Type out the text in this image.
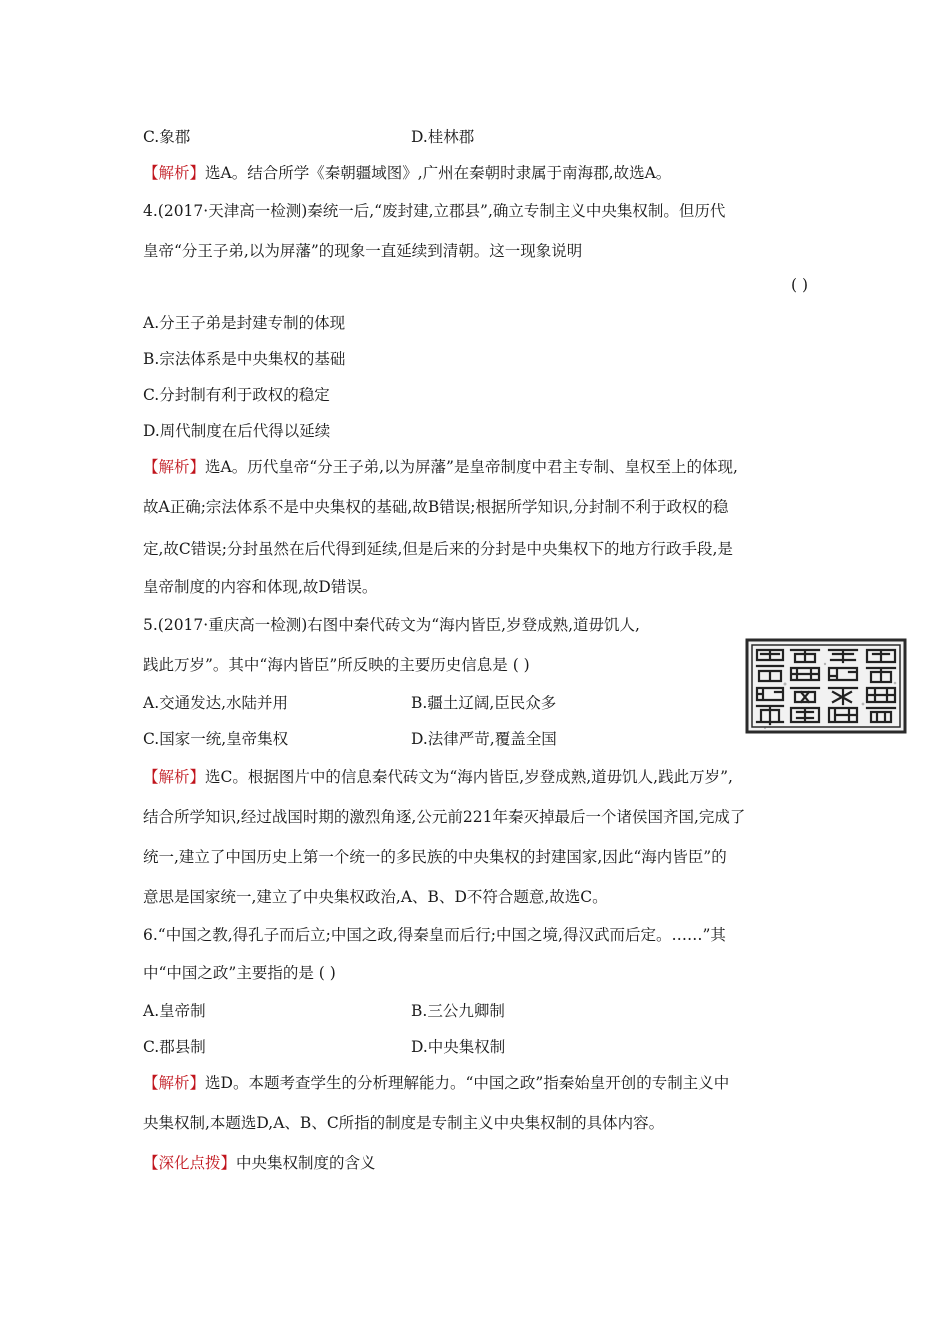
C.象郡	D.桂林郡
【解析】选A。结合所学《秦朝疆域图》,广州在秦朝时隶属于南海郡,故选A。
4.(2017·天津高一检测)秦统一后,“废封建,立郡县”,确立专制主义中央集权制。但历代
皇帝“分王子弟,以为屏藩”的现象一直延续到清朝。这一现象说明
( )
A.分王子弟是封建专制的体现
B.宗法体系是中央集权的基础
C.分封制有利于政权的稳定
D.周代制度在后代得以延续
【解析】选A。历代皇帝“分王子弟,以为屏藩”是皇帝制度中君主专制、皇权至上的体现,
故A正确;宗法体系不是中央集权的基础,故B错误;根据所学知识,分封制不利于政权的稳
定,故C错误;分封虽然在后代得到延续,但是后来的分封是中央集权下的地方行政手段,是
皇帝制度的内容和体现,故D错误。
5.(2017·重庆高一检测)右图中秦代砖文为“海内皆臣,岁登成熟,道毋饥人,
践此万岁”。其中“海内皆臣”所反映的主要历史信息是 ( )
A.交通发达,水陆并用	B.疆土辽阔,臣民众多
C.国家一统,皇帝集权	D.法律严苛,覆盖全国
【解析】选C。根据图片中的信息秦代砖文为“海内皆臣,岁登成熟,道毋饥人,践此万岁”,
结合所学知识,经过战国时期的激烈角逐,公元前221年秦灭掉最后一个诸侯国齐国,完成了
统一,建立了中国历史上第一个统一的多民族的中央集权的封建国家,因此“海内皆臣”的
意思是国家统一,建立了中央集权政治,A、B、D不符合题意,故选C。
6.“中国之教,得孔子而后立;中国之政,得秦皇而后行;中国之境,得汉武而后定。……”其
中“中国之政”主要指的是 ( )
A.皇帝制	B.三公九卿制
C.郡县制	D.中央集权制
【解析】选D。本题考查学生的分析理解能力。“中国之政”指秦始皇开创的专制主义中
央集权制,本题选D,A、B、C所指的制度是专制主义中央集权制的具体内容。
【深化点拨】中央集权制度的含义
